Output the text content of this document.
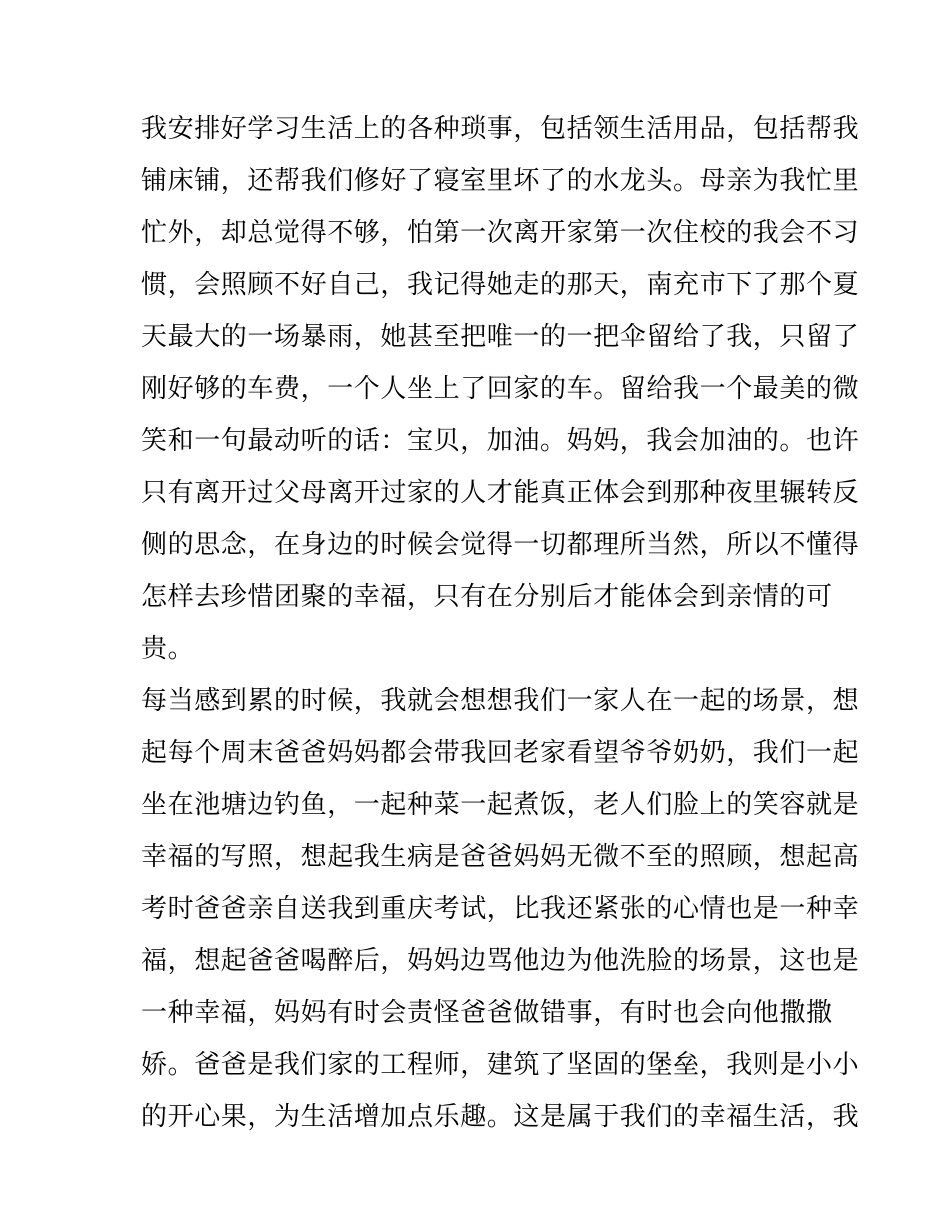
我安排好学习生活上的各种琐事，包括领生活用品，包括帮我
铺床铺，还帮我们修好了寝室里坏了的水龙头。母亲为我忙里
忙外，却总觉得不够，怕第一次离开家第一次住校的我会不习
惯，会照顾不好自己，我记得她走的那天，南充市下了那个夏
天最大的一场暴雨，她甚至把唯一的一把伞留给了我，只留了
刚好够的车费，一个人坐上了回家的车。留给我一个最美的微
笑和一句最动听的话：宝贝，加油。妈妈，我会加油的。也许
只有离开过父母离开过家的人才能真正体会到那种夜里辗转反
侧的思念，在身边的时候会觉得一切都理所当然，所以不懂得
怎样去珍惜团聚的幸福，只有在分别后才能体会到亲情的可
贵。
每当感到累的时候，我就会想想我们一家人在一起的场景，想
起每个周末爸爸妈妈都会带我回老家看望爷爷奶奶，我们一起
坐在池塘边钓鱼，一起种菜一起煮饭，老人们脸上的笑容就是
幸福的写照，想起我生病是爸爸妈妈无微不至的照顾，想起高
考时爸爸亲自送我到重庆考试，比我还紧张的心情也是一种幸
福，想起爸爸喝醉后，妈妈边骂他边为他洗脸的场景，这也是
一种幸福，妈妈有时会责怪爸爸做错事，有时也会向他撒撒
娇。爸爸是我们家的工程师，建筑了坚固的堡垒，我则是小小
的开心果，为生活增加点乐趣。这是属于我们的幸福生活，我
